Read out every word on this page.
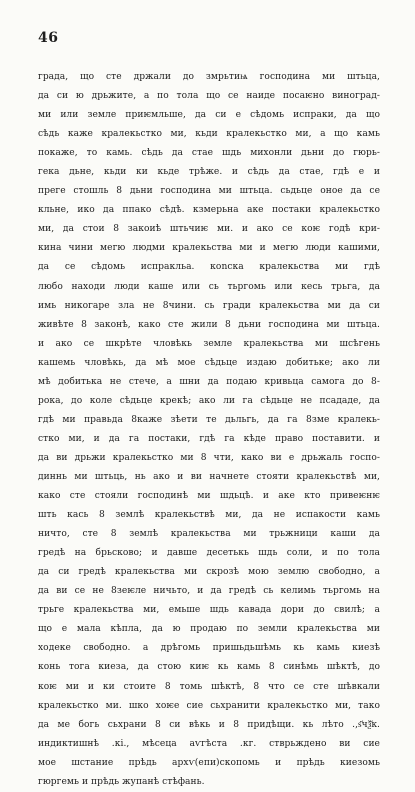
46
града, що сте држали до змрьтиѩ господина ми штьца,
да си ю дрьжите, а по тола що се наиде посаѥно виноград-
ми или земле приѥмльше, да си е сѣдомь испраки, да що
сѣдь каже кралекьстко ми, кьди кралекьстко ми, а що камь
покаже, то камь. сѣдь да стае шдь михонли дьни до гюрь-
гека дьне, кьди ки кьде трѣже. и сѣдь да стае, гдѣ е и
преге стошль 8 дьни господина ми штьца. сьдьце оное да се
кльне, ико да ппако сѣдѣ. кзмерьна аке постаки кралекьстко
ми, да стои 8 закоиѣ штьчиѥ ми. и ако се коѥ годѣ кри-
кина чини мегю людми кралекьства ми и мегю люди кашими,
да се сѣдомь испракльа. кonска кралекьства ми гдѣ
любо находи люди каше или сь тьргомь или кесь трьга, да
имь никогаре зла не 8чини. сь гради кралекьства ми да си
живѣте 8 законѣ, како сте жили 8 дьни господина ми штьца.
и ако се шкрѣте чловѣкь земле кралекьства ми шсѣгень
кашемь чловѣкь, да мѣ мое сѣдьце издаю добитьке; ако ли
мѣ добитька не стече, а шни да подаю кривьца самога до 8-
рока, до коле сѣдьце крекѣ; ако ли га сѣдьце не псададе, да
гдѣ ми правьда 8каже зѣети те дьльгь, да га 8зме кралекь-
стко ми, и да га постаки, гдѣ га кѣде право поставити. и
да ви дрьжи кралекьстко ми 8 чти, како ви е дрьжаль госпо-
диннь ми штьць, нь ако и ви начнете стояти кралекьствѣ ми,
како сте стояли господинѣ ми шдьцѣ. и аке кто привеѥнѥ
шть кась 8 землѣ кралекьствѣ ми, да не испакости камь
ничто, сте 8 землѣ кралекьства ми трьжници каши да
гредѣ на брьсково; и давше десетькь шдь соли, и по тола
да си гредѣ кралекьства ми скрозѣ мою землю свободно, а
да ви се не 8зеѥле ничьто, и да гредѣ сь келимь тьргомь на
трьге кралекьства ми, емьше шдь кавада дори до свилѣ; а
що е мала кѣпла, да ю продаю по земли кралекьства ми
ходеке свободно. а дрѣгомь пришьдьшѣмь кь камь киезѣ
конь тога киеза, да стою киѥ кь камь 8 синѣмь шѣктѣ, до
коѥ ми и ки стоите 8 томь шѣктѣ, 8 что се сте шѣвкали
кралекьстко ми. шко хоѥе сие сьхранити кралекьстко ми, тако
да ме богь сьхрани 8 си вѣкь и 8 придѣщи. кь лѣто .,ѕ҃чѯ҃к.
индиктишнѣ .кі., мѣсеца аѵгѣста .кг. стврьждено ви сие
мое шстание прѣдь архѵ(епи)скопомь и прѣдь киезомь
гюргемь и прѣдь жупанѣ стѣфань.
